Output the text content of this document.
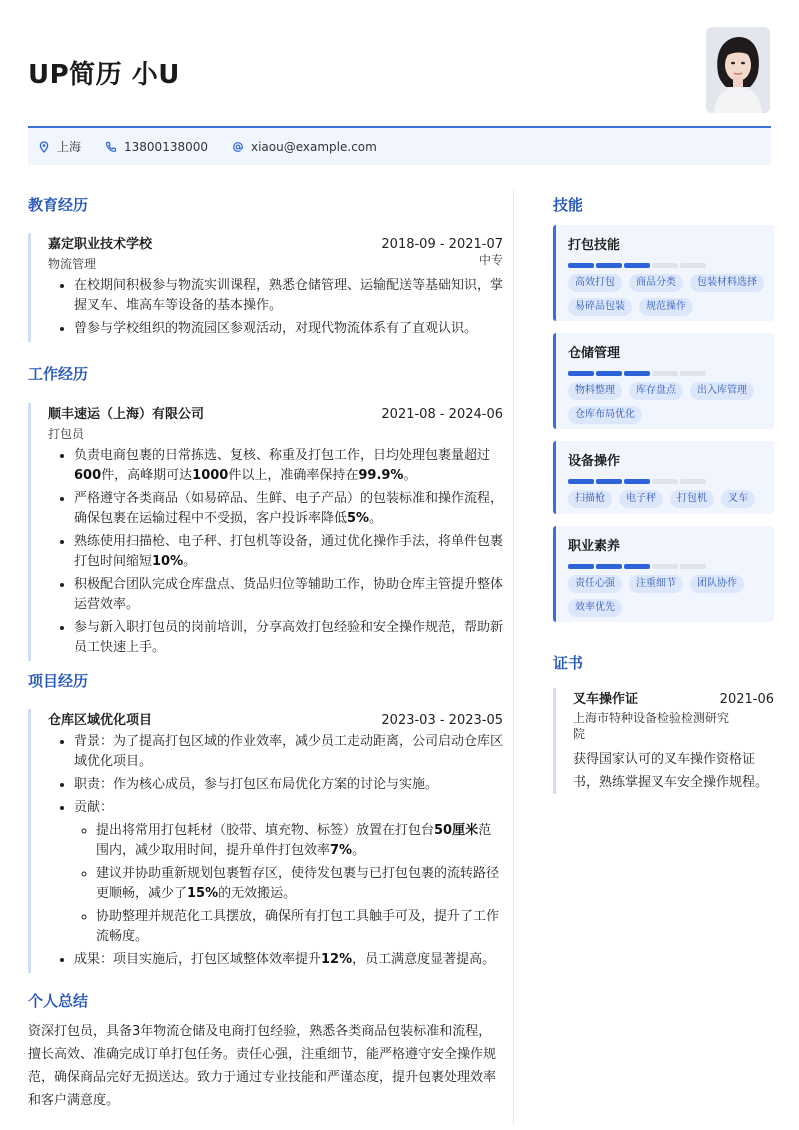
UP简历 小U
上海	13800138000	xiaou@example.com
教育经历
嘉定职业技术学校	2018-09 - 2021-07
中专
物流管理
• 在校期间积极参与物流实训课程，熟悉仓储管理、运输配送等基础知识，掌握叉车、堆高车等设备的基本操作。
• 曾参与学校组织的物流园区参观活动，对现代物流体系有了直观认识。
工作经历
顺丰速运（上海）有限公司	2021-08 - 2024-06
打包员
• 负责电商包裹的日常拣选、复核、称重及打包工作，日均处理包裹量超过600件，高峰期可达1000件以上，准确率保持在99.9%。
• 严格遵守各类商品（如易碎品、生鲜、电子产品）的包装标准和操作流程，确保包裹在运输过程中不受损，客户投诉率降低5%。
• 熟练使用扫描枪、电子秤、打包机等设备，通过优化操作手法，将单件包裹打包时间缩短10%。
• 积极配合团队完成仓库盘点、货品归位等辅助工作，协助仓库主管提升整体运营效率。
• 参与新入职打包员的岗前培训，分享高效打包经验和安全操作规范，帮助新员工快速上手。
项目经历
仓库区域优化项目	2023-03 - 2023-05
• 背景：为了提高打包区域的作业效率，减少员工走动距离，公司启动仓库区域优化项目。
• 职责：作为核心成员，参与打包区布局优化方案的讨论与实施。
• 贡献：
◦ 提出将常用打包耗材（胶带、填充物、标签）放置在打包台50厘米范围内，减少取用时间，提升单件打包效率7%。
◦ 建议并协助重新规划包裹暂存区，使待发包裹与已打包包裹的流转路径更顺畅，减少了15%的无效搬运。
◦ 协助整理并规范化工具摆放，确保所有打包工具触手可及，提升了工作流畅度。
• 成果：项目实施后，打包区域整体效率提升12%，员工满意度显著提高。
个人总结
资深打包员，具备3年物流仓储及电商打包经验，熟悉各类商品包装标准和流程，擅长高效、准确完成订单打包任务。责任心强，注重细节，能严格遵守安全操作规范，确保商品完好无损送达。致力于通过专业技能和严谨态度，提升包裹处理效率和客户满意度。
技能
打包技能
高效打包	商品分类	包装材料选择
易碎品包装	规范操作
仓储管理
物料整理	库存盘点	出入库管理
仓库布局优化
设备操作
扫描枪	电子秤	打包机	叉车
职业素养
责任心强	注重细节	团队协作
效率优先
证书
叉车操作证	2021-06
上海市特种设备检验检测研究院
获得国家认可的叉车操作资格证书，熟练掌握叉车安全操作规程。
